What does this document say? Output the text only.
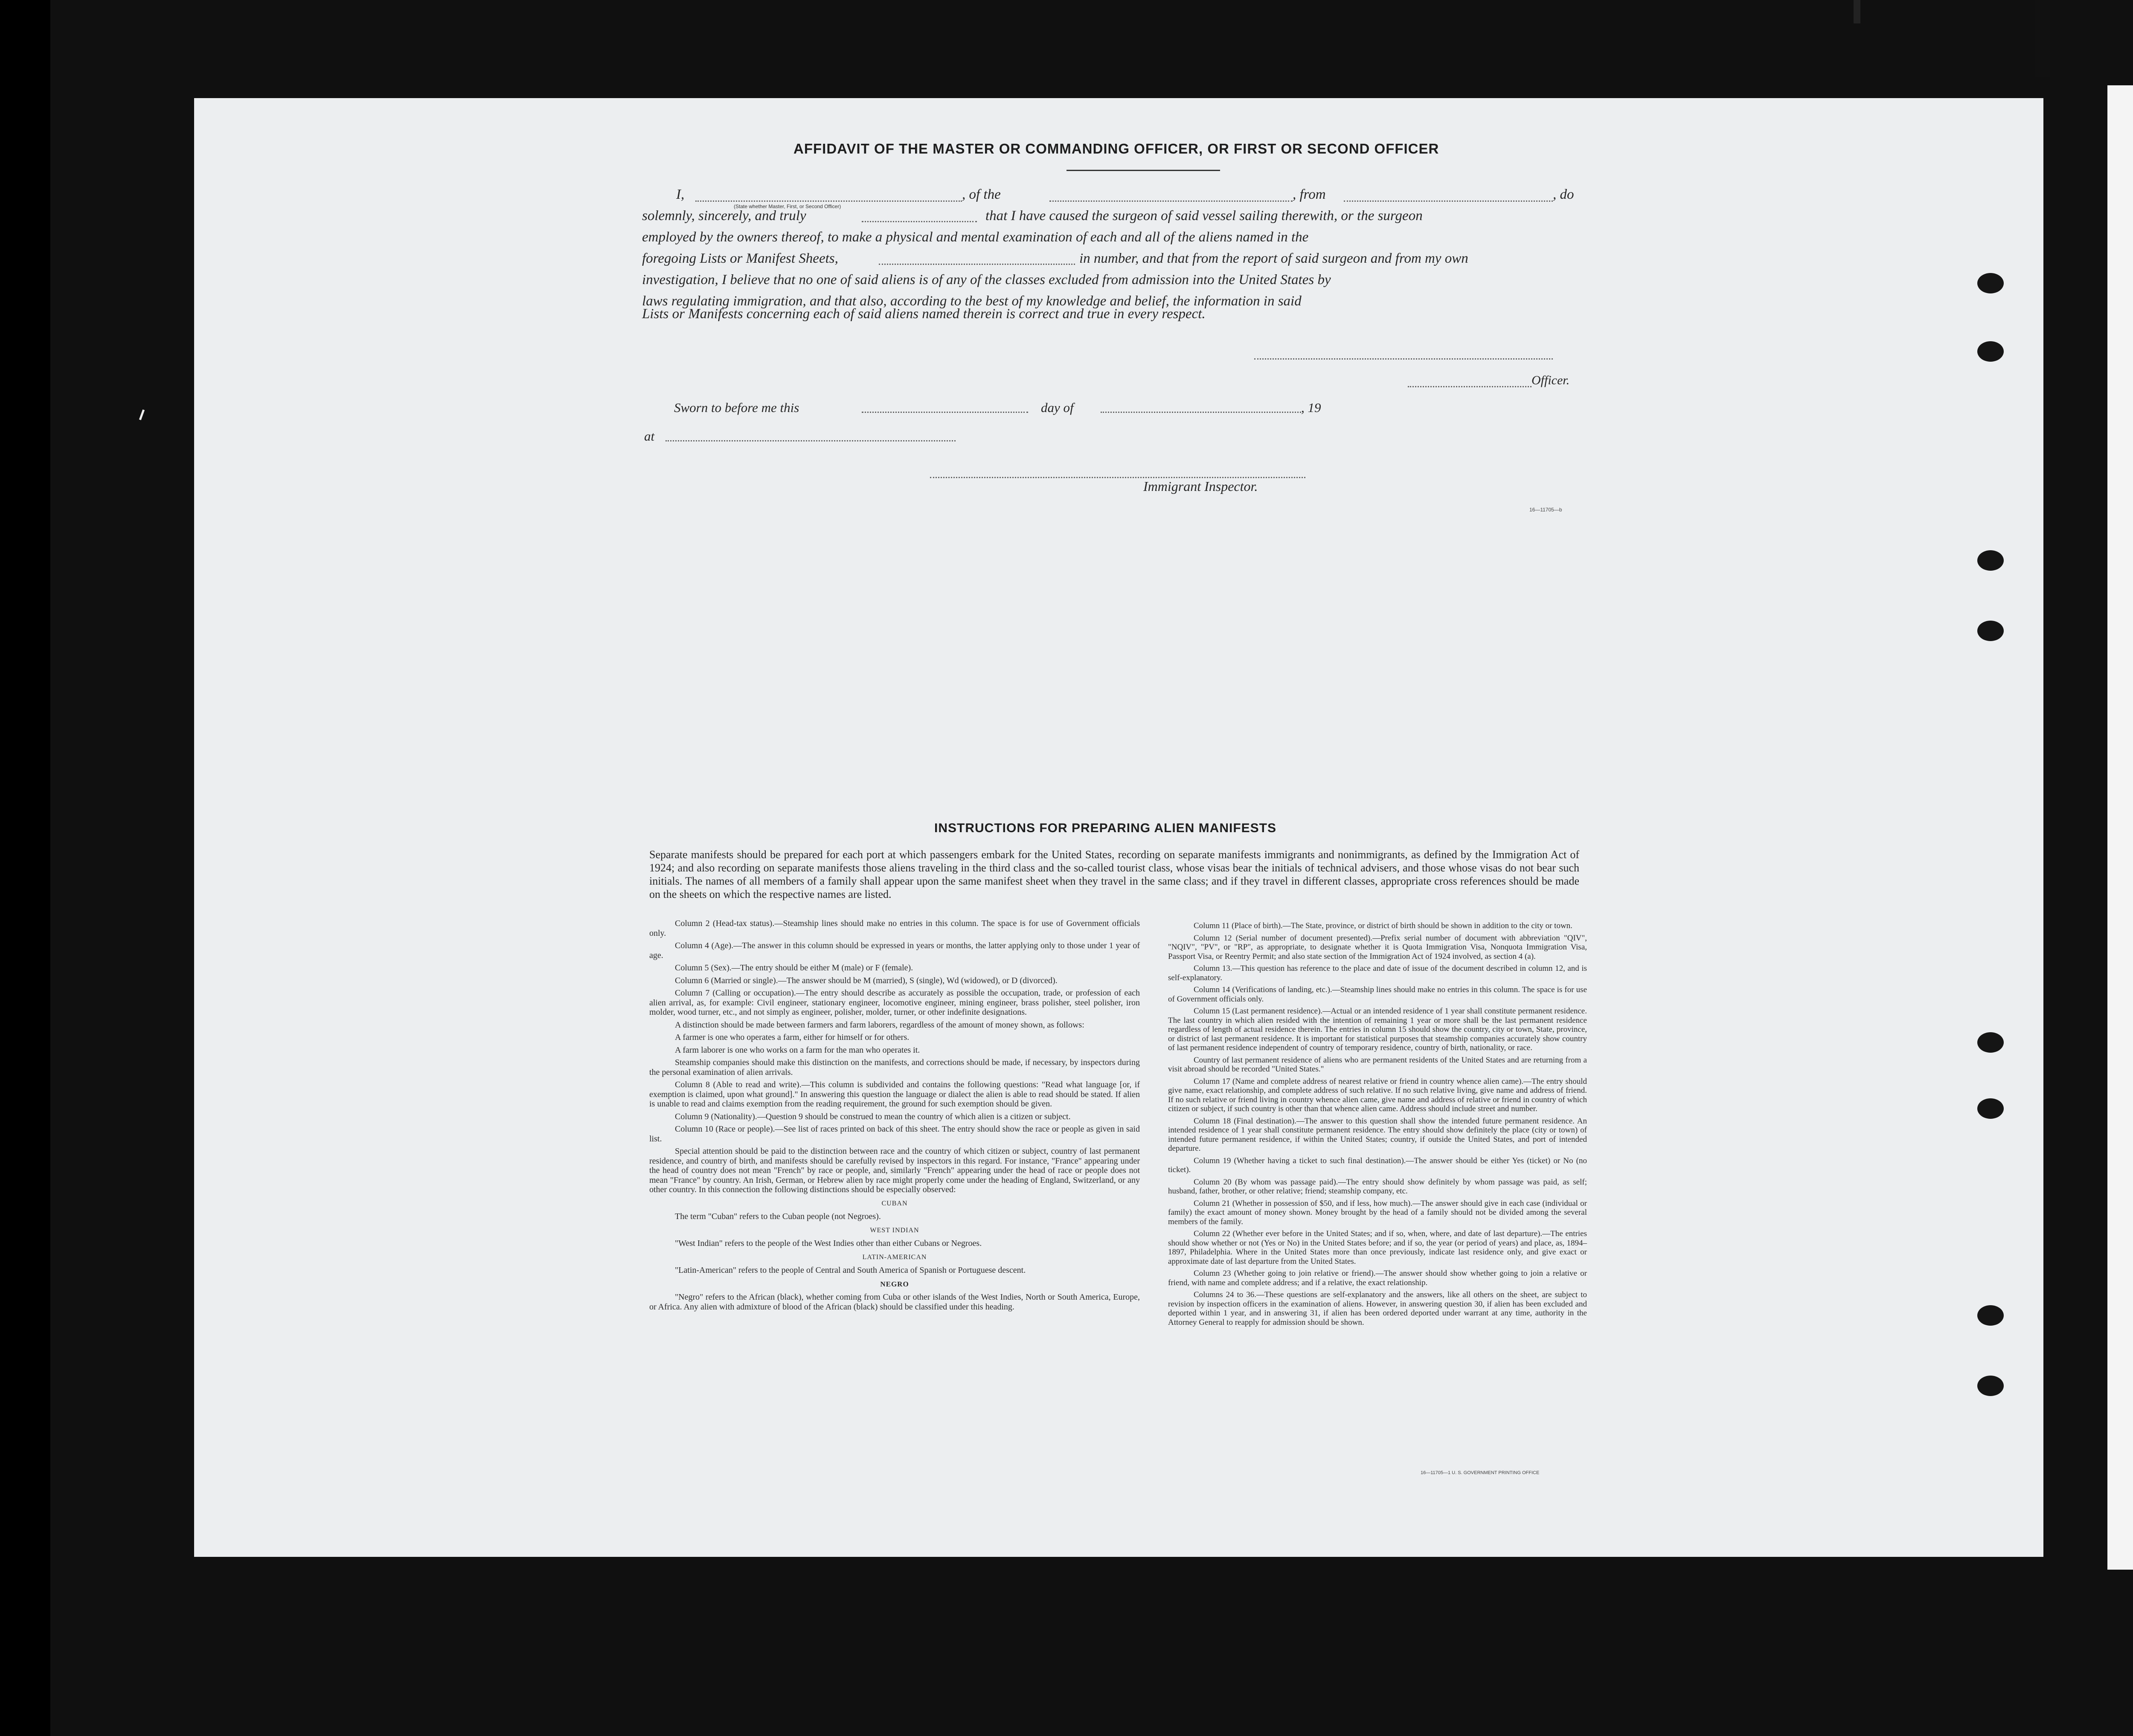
AFFIDAVIT OF THE MASTER OR COMMANDING OFFICER, OR FIRST OR SECOND OFFICER
I,
(State whether Master, First, or Second Officer)
, of the	, from	, do
solemnly, sincerely, and truly	that I have caused the surgeon of said vessel sailing therewith, or the surgeon
employed by the owners thereof, to make a physical and mental examination of each and all of the aliens named in the
foregoing Lists or Manifest Sheets,	in number, and that from the report of said surgeon and from my own
investigation, I believe that no one of said aliens is of any of the classes excluded from admission into the United States by
laws regulating immigration, and that also, according to the best of my knowledge and belief, the information in said
Lists or Manifests concerning each of said aliens named therein is correct and true in every respect.
Officer.
Sworn to before me this	day of	, 19
at
Immigrant Inspector.
16—11705—b
INSTRUCTIONS FOR PREPARING ALIEN MANIFESTS
Separate manifests should be prepared for each port at which passengers embark for the United States, recording on separate manifests immigrants and nonimmigrants, as defined by the Immigration Act of 1924; and also recording on separate manifests those aliens traveling in the third class and the so-called tourist class, whose visas bear the initials of technical advisers, and those whose visas do not bear such initials. The names of all members of a family shall appear upon the same manifest sheet when they travel in the same class; and if they travel in different classes, appropriate cross references should be made on the sheets on which the respective names are listed.

Column 2 (Head-tax status).—Steamship lines should make no entries in this column. The space is for use of Government officials only.

Column 4 (Age).—The answer in this column should be expressed in years or months, the latter applying only to those under 1 year of age.

Column 5 (Sex).—The entry should be either M (male) or F (female).

Column 6 (Married or single).—The answer should be M (married), S (single), Wd (widowed), or D (divorced).

Column 7 (Calling or occupation).—The entry should describe as accurately as possible the occupation, trade, or profession of each alien arrival, as, for example: Civil engineer, stationary engineer, locomotive engineer, mining engineer, brass polisher, steel polisher, iron molder, wood turner, etc., and not simply as engineer, polisher, molder, turner, or other indefinite designations.

A distinction should be made between farmers and farm laborers, regardless of the amount of money shown, as follows:

A farmer is one who operates a farm, either for himself or for others.

A farm laborer is one who works on a farm for the man who operates it.

Steamship companies should make this distinction on the manifests, and corrections should be made, if necessary, by inspectors during the personal examination of alien arrivals.

Column 8 (Able to read and write).—This column is subdivided and contains the following questions: "Read what language [or, if exemption is claimed, upon what ground]." In answering this question the language or dialect the alien is able to read should be stated. If alien is unable to read and claims exemption from the reading requirement, the ground for such exemption should be given.

Column 9 (Nationality).—Question 9 should be construed to mean the country of which alien is a citizen or subject.

Column 10 (Race or people).—See list of races printed on back of this sheet. The entry should show the race or people as given in said list.

Special attention should be paid to the distinction between race and the country of which citizen or subject, country of last permanent residence, and country of birth, and manifests should be carefully revised by inspectors in this regard. For instance, "France" appearing under the head of country does not mean "French" by race or people, and, similarly "French" appearing under the head of race or people does not mean "France" by country. An Irish, German, or Hebrew alien by race might properly come under the heading of England, Switzerland, or any other country. In this connection the following distinctions should be especially observed:

CUBAN

The term "Cuban" refers to the Cuban people (not Negroes).

WEST INDIAN

"West Indian" refers to the people of the West Indies other than either Cubans or Negroes.

LATIN-AMERICAN

"Latin-American" refers to the people of Central and South America of Spanish or Portuguese descent.

NEGRO

"Negro" refers to the African (black), whether coming from Cuba or other islands of the West Indies, North or South America, Europe, or Africa. Any alien with admixture of blood of the African (black) should be classified under this heading.

Column 11 (Place of birth).—The State, province, or district of birth should be shown in addition to the city or town.

Column 12 (Serial number of document presented).—Prefix serial number of document with abbreviation "QIV", "NQIV", "PV", or "RP", as appropriate, to designate whether it is Quota Immigration Visa, Nonquota Immigration Visa, Passport Visa, or Reentry Permit; and also state section of the Immigration Act of 1924 involved, as section 4 (a).

Column 13.—This question has reference to the place and date of issue of the document described in column 12, and is self-explanatory.

Column 14 (Verifications of landing, etc.).—Steamship lines should make no entries in this column. The space is for use of Government officials only.

Column 15 (Last permanent residence).—Actual or an intended residence of 1 year shall constitute permanent residence. The last country in which alien resided with the intention of remaining 1 year or more shall be the last permanent residence regardless of length of actual residence therein. The entries in column 15 should show the country, city or town, State, province, or district of last permanent residence. It is important for statistical purposes that steamship companies accurately show country of last permanent residence independent of country of temporary residence, country of birth, nationality, or race.

Country of last permanent residence of aliens who are permanent residents of the United States and are returning from a visit abroad should be recorded "United States."

Column 17 (Name and complete address of nearest relative or friend in country whence alien came).—The entry should give name, exact relationship, and complete address of such relative. If no such relative living, give name and address of friend. If no such relative or friend living in country whence alien came, give name and address of relative or friend in country of which citizen or subject, if such country is other than that whence alien came. Address should include street and number.

Column 18 (Final destination).—The answer to this question shall show the intended future permanent residence. An intended residence of 1 year shall constitute permanent residence. The entry should show definitely the place (city or town) of intended future permanent residence, if within the United States; country, if outside the United States, and port of intended departure.

Column 19 (Whether having a ticket to such final destination).—The answer should be either Yes (ticket) or No (no ticket).

Column 20 (By whom was passage paid).—The entry should show definitely by whom passage was paid, as self; husband, father, brother, or other relative; friend; steamship company, etc.

Column 21 (Whether in possession of $50, and if less, how much).—The answer should give in each case (individual or family) the exact amount of money shown. Money brought by the head of a family should not be divided among the several members of the family.

Column 22 (Whether ever before in the United States; and if so, when, where, and date of last departure).—The entries should show whether or not (Yes or No) in the United States before; and if so, the year (or period of years) and place, as, 1894–1897, Philadelphia. Where in the United States more than once previously, indicate last residence only, and give exact or approximate date of last departure from the United States.

Column 23 (Whether going to join relative or friend).—The answer should show whether going to join a relative or friend, with name and complete address; and if a relative, the exact relationship.

Columns 24 to 36.—These questions are self-explanatory and the answers, like all others on the sheet, are subject to revision by inspection officers in the examination of aliens. However, in answering question 30, if alien has been excluded and deported within 1 year, and in answering 31, if alien has been ordered deported under warrant at any time, authority in the Attorney General to reapply for admission should be shown.

16—11705—1 U. S. GOVERNMENT PRINTING OFFICE
